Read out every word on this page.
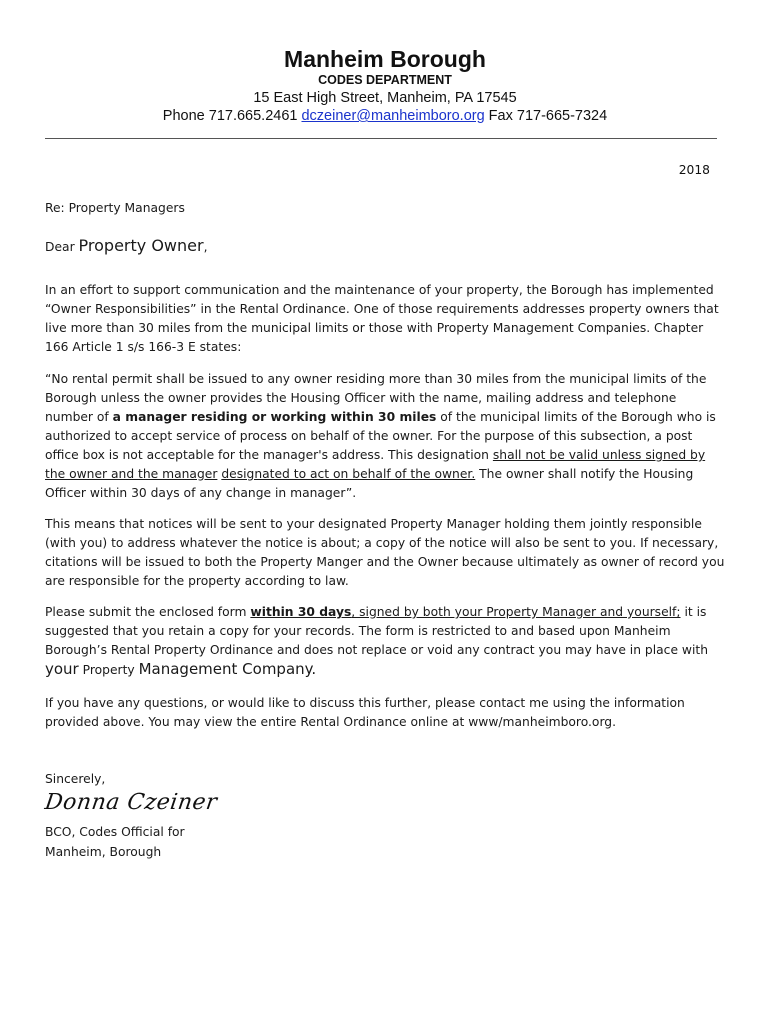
Manheim Borough
CODES DEPARTMENT
15 East High Street, Manheim, PA 17545
Phone 717.665.2461 dczeiner@manheimboro.org Fax 717-665-7324
2018
Re: Property Managers
Dear Property Owner,
In an effort to support communication and the maintenance of your property, the Borough has implemented “Owner Responsibilities” in the Rental Ordinance. One of those requirements addresses property owners that live more than 30 miles from the municipal limits or those with Property Management Companies. Chapter 166 Article 1 s/s 166-3 E states:
“No rental permit shall be issued to any owner residing more than 30 miles from the municipal limits of the Borough unless the owner provides the Housing Officer with the name, mailing address and telephone number of a manager residing or working within 30 miles of the municipal limits of the Borough who is authorized to accept service of process on behalf of the owner. For the purpose of this subsection, a post office box is not acceptable for the manager's address. This designation shall not be valid unless signed by the owner and the manager designated to act on behalf of the owner. The owner shall notify the Housing Officer within 30 days of any change in manager”.
This means that notices will be sent to your designated Property Manager holding them jointly responsible (with you) to address whatever the notice is about; a copy of the notice will also be sent to you. If necessary, citations will be issued to both the Property Manger and the Owner because ultimately as owner of record you are responsible for the property according to law.
Please submit the enclosed form within 30 days, signed by both your Property Manager and yourself; it is suggested that you retain a copy for your records. The form is restricted to and based upon Manheim Borough’s Rental Property Ordinance and does not replace or void any contract you may have in place with your Property Management Company.
If you have any questions, or would like to discuss this further, please contact me using the information provided above. You may view the entire Rental Ordinance online at www/manheimboro.org.
Sincerely,
Donna Czeiner
BCO, Codes Official for
Manheim, Borough
